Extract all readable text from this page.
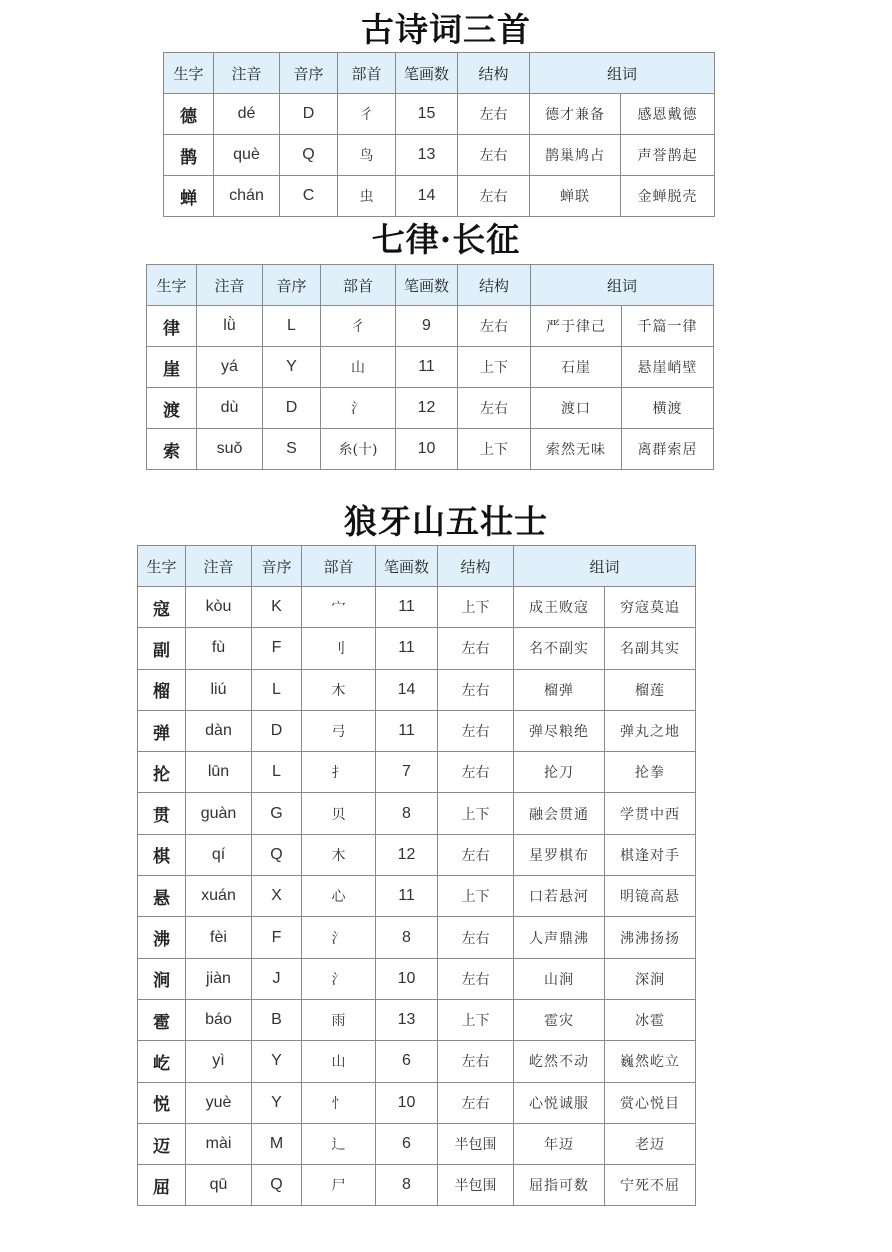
古诗词三首
生字	注音	音序	部首	笔画数	结构	组词	
德	dé	D	彳	15	左右	德才兼备	感恩戴德
鹊	què	Q	鸟	13	左右	鹊巢鸠占	声誉鹊起
蝉	chán	C	虫	14	左右	蝉联	金蝉脱壳
七律·长征
生字	注音	音序	部首	笔画数	结构	组词	
律	lǜ	L	彳	9	左右	严于律己	千篇一律
崖	yá	Y	山	11	上下	石崖	悬崖峭壁
渡	dù	D	氵	12	左右	渡口	横渡
索	suǒ	S	糸(十)	10	上下	索然无味	离群索居
狼牙山五壮士
生字	注音	音序	部首	笔画数	结构	组词	
寇	kòu	K	宀	11	上下	成王败寇	穷寇莫追
副	fù	F	刂	11	左右	名不副实	名副其实
榴	liú	L	木	14	左右	榴弹	榴莲
弹	dàn	D	弓	11	左右	弹尽粮绝	弹丸之地
抡	lūn	L	扌	7	左右	抡刀	抡拳
贯	guàn	G	贝	8	上下	融会贯通	学贯中西
棋	qí	Q	木	12	左右	星罗棋布	棋逢对手
悬	xuán	X	心	11	上下	口若悬河	明镜高悬
沸	fèi	F	氵	8	左右	人声鼎沸	沸沸扬扬
涧	jiàn	J	氵	10	左右	山涧	深涧
雹	báo	B	雨	13	上下	雹灾	冰雹
屹	yì	Y	山	6	左右	屹然不动	巍然屹立
悦	yuè	Y	忄	10	左右	心悦诚服	赏心悦目
迈	mài	M	辶	6	半包围	年迈	老迈
屈	qū	Q	尸	8	半包围	屈指可数	宁死不屈
